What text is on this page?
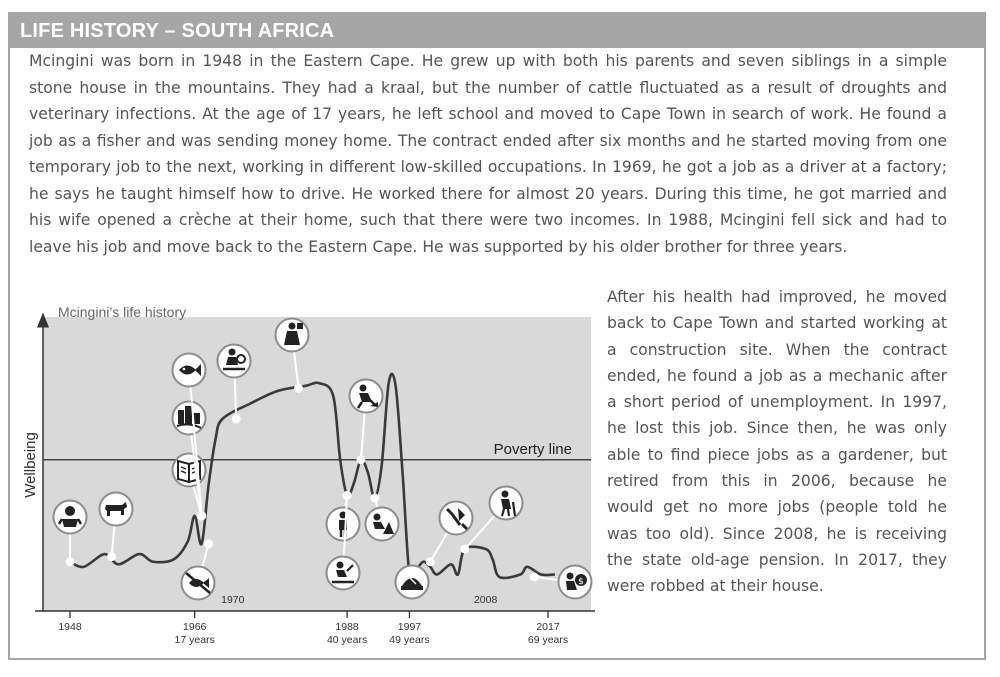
LIFE HISTORY – SOUTH AFRICA

Mcingini was born in 1948 in the Eastern Cape. He grew up with both his parents and seven siblings in a simple stone house in the mountains. They had a kraal, but the number of cattle fluctuated as a result of droughts and veterinary infections. At the age of 17 years, he left school and moved to Cape Town in search of work. He found a job as a fisher and was sending money home. The contract ended after six months and he started moving from one temporary job to the next, working in different low-skilled occupations. In 1969, he got a job as a driver at a factory; he says he taught himself how to drive. He worked there for almost 20 years. During this time, he got married and his wife opened a crèche at their home, such that there were two incomes. In 1988, Mcingini fell sick and had to leave his job and move back to the Eastern Cape. He was supported by his older brother for three years.

After his health had improved, he moved back to Cape Town and started working at a construction site. When the contract ended, he found a job as a mechanic after a short period of unemployment. In 1997, he lost this job. Since then, he was only able to find piece jobs as a gardener, but retired from this in 2006, because he would get no more jobs (people told he was too old). Since 2008, he is receiving the state old-age pension. In 2017, they were robbed at their house.

Mcingini’s life history
Wellbeing	Poverty line
1948	1966
17 years
1988
40 years
1997
49 years
2017
69 years
1970	2008
$
